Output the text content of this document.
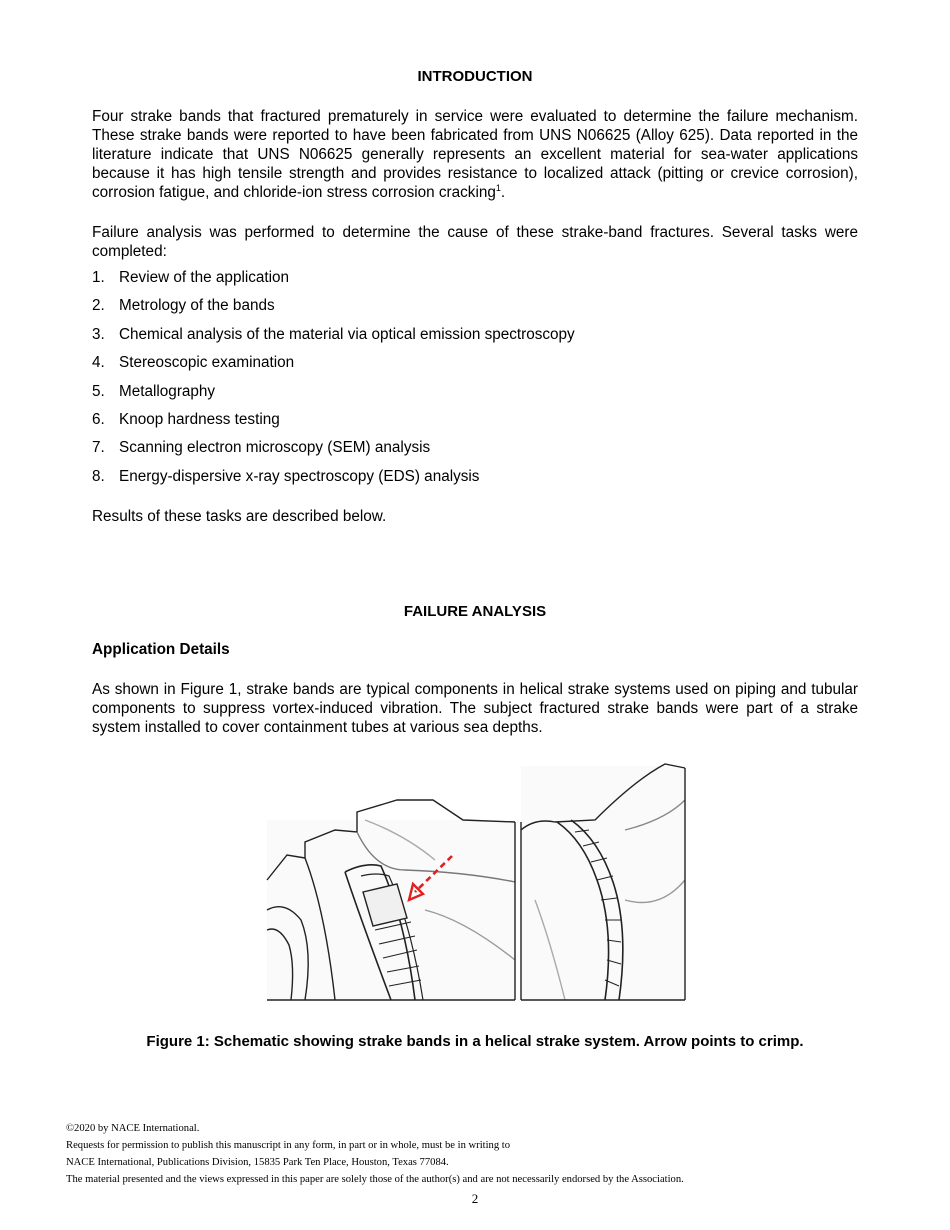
INTRODUCTION
Four strake bands that fractured prematurely in service were evaluated to determine the failure mechanism. These strake bands were reported to have been fabricated from UNS N06625 (Alloy 625). Data reported in the literature indicate that UNS N06625 generally represents an excellent material for sea-water applications because it has high tensile strength and provides resistance to localized attack (pitting or crevice corrosion), corrosion fatigue, and chloride-ion stress corrosion cracking$^1$.
Failure analysis was performed to determine the cause of these strake-band fractures. Several tasks were completed:
1. Review of the application
2. Metrology of the bands
3. Chemical analysis of the material via optical emission spectroscopy
4. Stereoscopic examination
5. Metallography
6. Knoop hardness testing
7. Scanning electron microscopy (SEM) analysis
8. Energy-dispersive x-ray spectroscopy (EDS) analysis
Results of these tasks are described below.
FAILURE ANALYSIS
Application Details
As shown in Figure 1, strake bands are typical components in helical strake systems used on piping and tubular components to suppress vortex-induced vibration. The subject fractured strake bands were part of a strake system installed to cover containment tubes at various sea depths.
Figure 1: Schematic showing strake bands in a helical strake system. Arrow points to crimp.
©2020 by NACE International.
Requests for permission to publish this manuscript in any form, in part or in whole, must be in writing to
NACE International, Publications Division, 15835 Park Ten Place, Houston, Texas 77084.
The material presented and the views expressed in this paper are solely those of the author(s) and are not necessarily endorsed by the Association.
2
